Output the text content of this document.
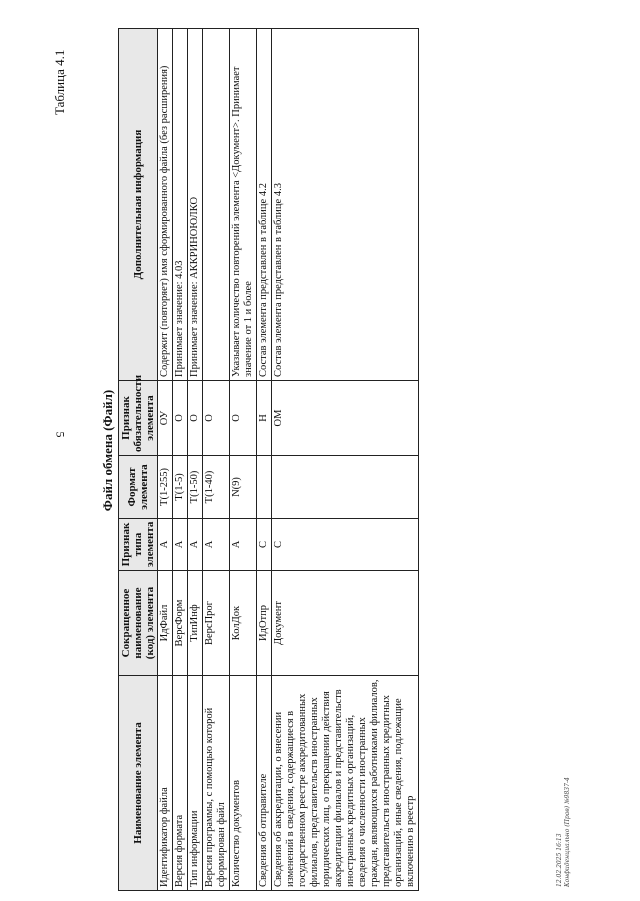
Таблица 4.1
Файл обмена (Файл)
Наименование элемента	Сокращенное наименование (код) элемента	Признак типа элемента	Формат элемента	Признак обязательности элемента	Дополнительная информация
Идентификатор файла	ИдФайл	А	T(1-255)	ОУ	Содержит (повторяет) имя сформированного файла (без расширения)
Версия формата	ВерсФорм	А	T(1-5)	О	Принимает значение: 4.03
Тип информации	ТипИнф	А	T(1-50)	О	Принимает значение: АККРИНОЮЛКО
Версия программы, с помощью которой сформирован файл	ВерсПрог	А	T(1-40)	О	
Количество документов	КолДок	А	N(9)	О	Указывает количество повторений элемента <Документ>. Принимает значение от 1 и более
Сведения об отправителе	ИдОтпр	С		Н	Состав элемента представлен в таблице 4.2
Сведения об аккредитации, о внесении изменений в сведения, содержащиеся в государственном реестре аккредитованных филиалов, представительств иностранных юридических лиц, о прекращении действия аккредитации филиалов и представительств иностранных кредитных организаций, сведения о численности иностранных граждан, являющихся работниками филиалов, представительств иностранных кредитных организаций, иные сведения, подлежащие включению в реестр	Документ	С		ОМ	Состав элемента представлен в таблице 4.3
12.02.2025 16:13 Конфиденциально (Прав) №9837-4
5
